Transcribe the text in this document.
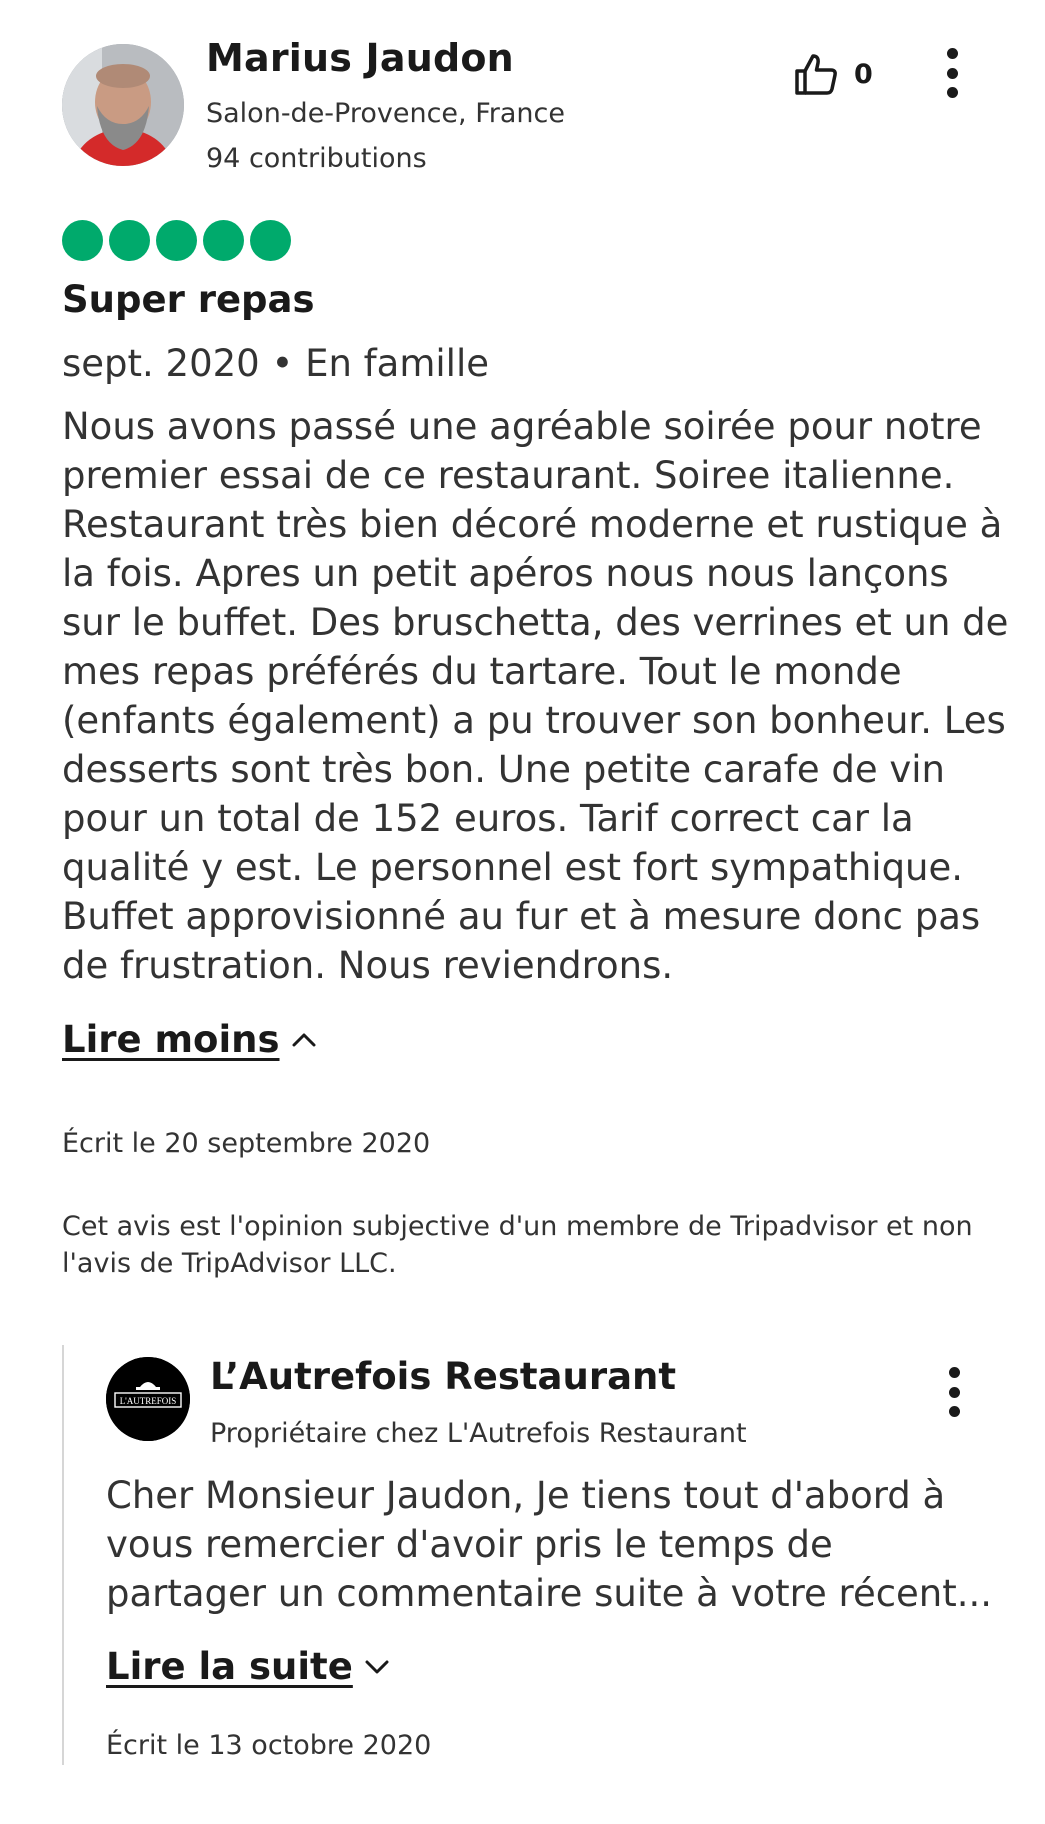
Marius Jaudon
Salon-de-Provence, France
94 contributions
0
Super repas
sept. 2020 • En famille
Nous avons passé une agréable soirée pour notre premier essai de ce restaurant. Soiree italienne. Restaurant très bien décoré moderne et rustique à la fois. Apres un petit apéros nous nous lançons sur le buffet. Des bruschetta, des verrines et un de mes repas préférés du tartare. Tout le monde (enfants également) a pu trouver son bonheur. Les desserts sont très bon. Une petite carafe de vin pour un total de 152 euros. Tarif correct car la qualité y est. Le personnel est fort sympathique. Buffet approvisionné au fur et à mesure donc pas de frustration. Nous reviendrons.
Lire moins
Écrit le 20 septembre 2020
Cet avis est l'opinion subjective d'un membre de Tripadvisor et non l'avis de TripAdvisor LLC.
L'AUTREFOIS
L’Autrefois Restaurant
Propriétaire chez L'Autrefois Restaurant
Cher Monsieur Jaudon, Je tiens tout d'abord à vous remercier d'avoir pris le temps de partager un commentaire suite à votre récent...
Lire la suite
Écrit le 13 octobre 2020
